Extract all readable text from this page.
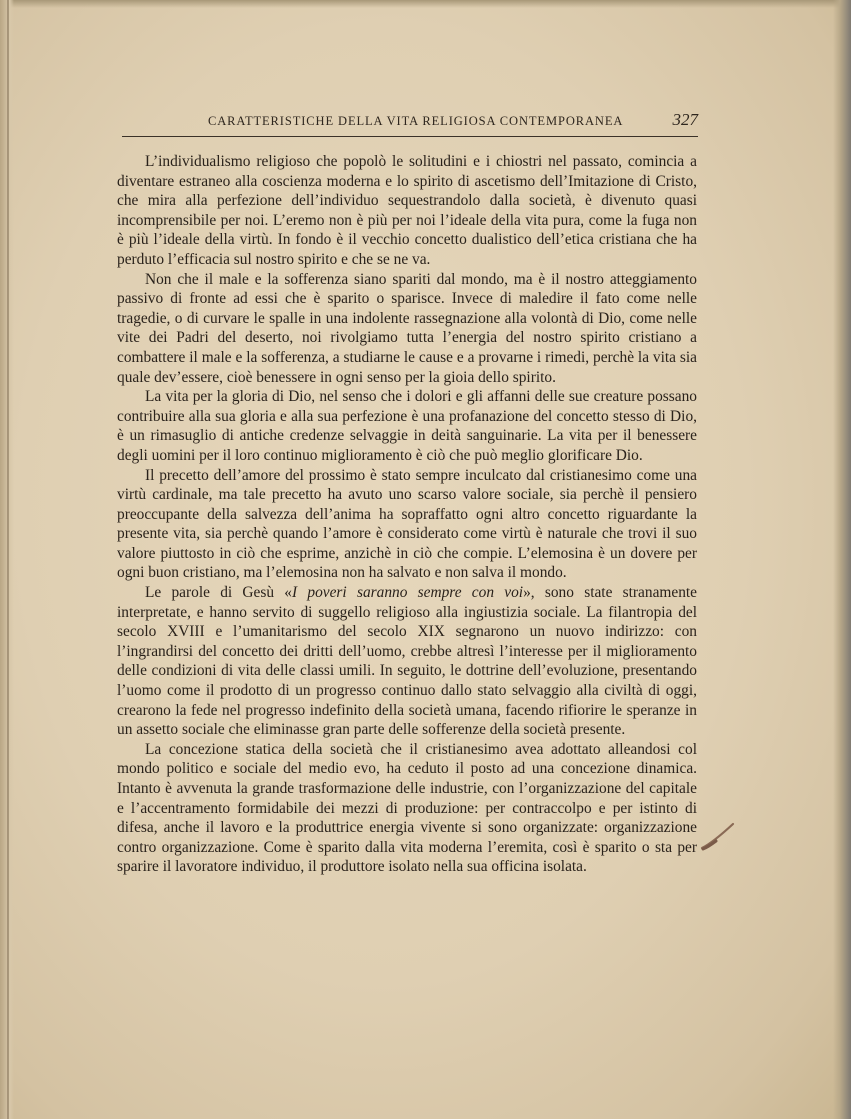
CARATTERISTICHE DELLA VITA RELIGIOSA CONTEMPORANEA	327

L’individualismo religioso che popolò le solitudini e i chiostri nel passato, comincia a diventare estraneo alla coscienza moderna e lo spirito di ascetismo dell’Imitazione di Cristo, che mira alla perfezione dell’individuo sequestrandolo dalla società, è divenuto quasi incomprensibile per noi. L’eremo non è più per noi l’ideale della vita pura, come la fuga non è più l’ideale della virtù. In fondo è il vecchio concetto dualistico dell’etica cristiana che ha perduto l’efficacia sul nostro spirito e che se ne va.

Non che il male e la sofferenza siano spariti dal mondo, ma è il nostro atteggiamento passivo di fronte ad essi che è sparito o sparisce. Invece di maledire il fato come nelle tragedie, o di curvare le spalle in una indolente rassegnazione alla volontà di Dio, come nelle vite dei Padri del deserto, noi rivolgiamo tutta l’energia del nostro spirito cristiano a combattere il male e la sofferenza, a studiarne le cause e a provarne i rimedi, perchè la vita sia quale dev’essere, cioè benessere in ogni senso per la gioia dello spirito.

La vita per la gloria di Dio, nel senso che i dolori e gli affanni delle sue creature possano contribuire alla sua gloria e alla sua perfezione è una profanazione del concetto stesso di Dio, è un rimasuglio di antiche credenze selvaggie in deità sanguinarie. La vita per il benessere degli uomini per il loro continuo miglioramento è ciò che può meglio glorificare Dio.

Il precetto dell’amore del prossimo è stato sempre inculcato dal cristianesimo come una virtù cardinale, ma tale precetto ha avuto uno scarso valore sociale, sia perchè il pensiero preoccupante della salvezza dell’anima ha sopraffatto ogni altro concetto riguardante la presente vita, sia perchè quando l’amore è considerato come virtù è naturale che trovi il suo valore piuttosto in ciò che esprime, anzichè in ciò che compie. L’elemosina è un dovere per ogni buon cristiano, ma l’elemosina non ha salvato e non salva il mondo.

Le parole di Gesù «I poveri saranno sempre con voi», sono state stranamente interpretate, e hanno servito di suggello religioso alla ingiustizia sociale. La filantropia del secolo XVIII e l’umanitarismo del secolo XIX segnarono un nuovo indirizzo: con l’ingrandirsi del concetto dei dritti dell’uomo, crebbe altresì l’interesse per il miglioramento delle condizioni di vita delle classi umili. In seguito, le dottrine dell’evoluzione, presentando l’uomo come il prodotto di un progresso continuo dallo stato selvaggio alla civiltà di oggi, crearono la fede nel progresso indefinito della società umana, facendo rifiorire le speranze in un assetto sociale che eliminasse gran parte delle sofferenze della società presente.

La concezione statica della società che il cristianesimo avea adottato alleandosi col mondo politico e sociale del medio evo, ha ceduto il posto ad una concezione dinamica. Intanto è avvenuta la grande trasformazione delle industrie, con l’organizzazione del capitale e l’accentramento formidabile dei mezzi di produzione: per contraccolpo e per istinto di difesa, anche il lavoro e la produttrice energia vivente si sono organizzate: organizzazione contro organizzazione. Come è sparito dalla vita moderna l’eremita, così è sparito o sta per sparire il lavoratore individuo, il produttore isolato nella sua officina isolata.
